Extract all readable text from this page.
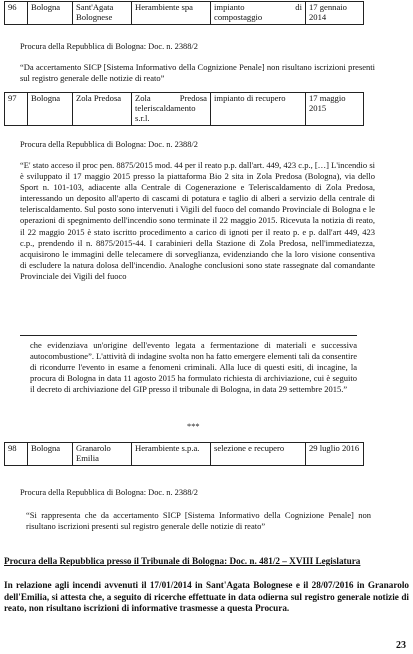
96	Bologna	Sant'Agata Bolognese	Herambiente spa	impianto di compostaggio	17 gennaio 2014
Procura della Repubblica di Bologna: Doc. n. 2388/2
“Da accertamento SICP [Sistema Informativo della Cognizione Penale] non risultano iscrizioni presenti sul registro generale delle notizie di reato”
97	Bologna	Zola Predosa	Zola Predosa teleriscaldamento s.r.l.	impianto di recupero	17 maggio 2015
Procura della Repubblica di Bologna: Doc. n. 2388/2
“E' stato acceso il proc pen. 8875/2015 mod. 44 per il reato p.p. dall'art. 449, 423 c.p., […] L'incendio si è sviluppato il 17 maggio 2015 presso la piattaforma Bio 2 sita in Zola Predosa (Bologna), via dello Sport n. 101-103, adiacente alla Centrale di Cogenerazione e Teleriscaldamento di Zola Predosa, interessando un deposito all'aperto di cascami di potatura e taglio di alberi a servizio della centrale di teleriscaldamento. Sul posto sono intervenuti i Vigili del fuoco del comando Provinciale di Bologna e le operazioni di spegnimento dell'incendio sono terminate il 22 maggio 2015. Ricevuta la notizia di reato, il 22 maggio 2015 è stato iscritto procedimento a carico di ignoti per il reato p. e p. dall'art 449, 423 c.p., prendendo il n. 8875/2015-44. I carabinieri della Stazione di Zola Predosa, nell'immediatezza, acquisirono le immagini delle telecamere di sorveglianza, evidenziando che la loro visione consentiva di escludere la natura dolosa dell'incendio. Analoghe conclusioni sono state rassegnate dal comandante Provinciale dei Vigili del fuoco
che evidenziava un'origine dell'evento legata a fermentazione di materiali e successiva autocombustione”. L'attività di indagine svolta non ha fatto emergere elementi tali da consentire di ricondurre l'evento in esame a fenomeni criminali. Alla luce di questi esiti, di incagine, la procura di Bologna in data 11 agosto 2015 ha formulato richiesta di archiviazione, cui è seguito il decreto di archiviazione del GIP presso il tribunale di Bologna, in data 29 settembre 2015.”
***
98	Bologna	Granarolo Emilia	Herambiente s.p.a.	selezione e recupero	29 luglio 2016
Procura della Repubblica di Bologna: Doc. n. 2388/2
“Si rappresenta che da accertamento SICP [Sistema Informativo della Cognizione Penale] non risultano iscrizioni presenti sul registro generale delle notizie di reato”
Procura della Repubblica presso il Tribunale di Bologna: Doc. n. 481/2 – XVIII Legislatura
In relazione agli incendi avvenuti il 17/01/2014 in Sant'Agata Bolognese e il 28/07/2016 in Granarolo dell'Emilia, si attesta che, a seguito di ricerche effettuate in data odierna sul registro generale notizie di reato, non risultano iscrizioni di informative trasmesse a questa Procura.
23
